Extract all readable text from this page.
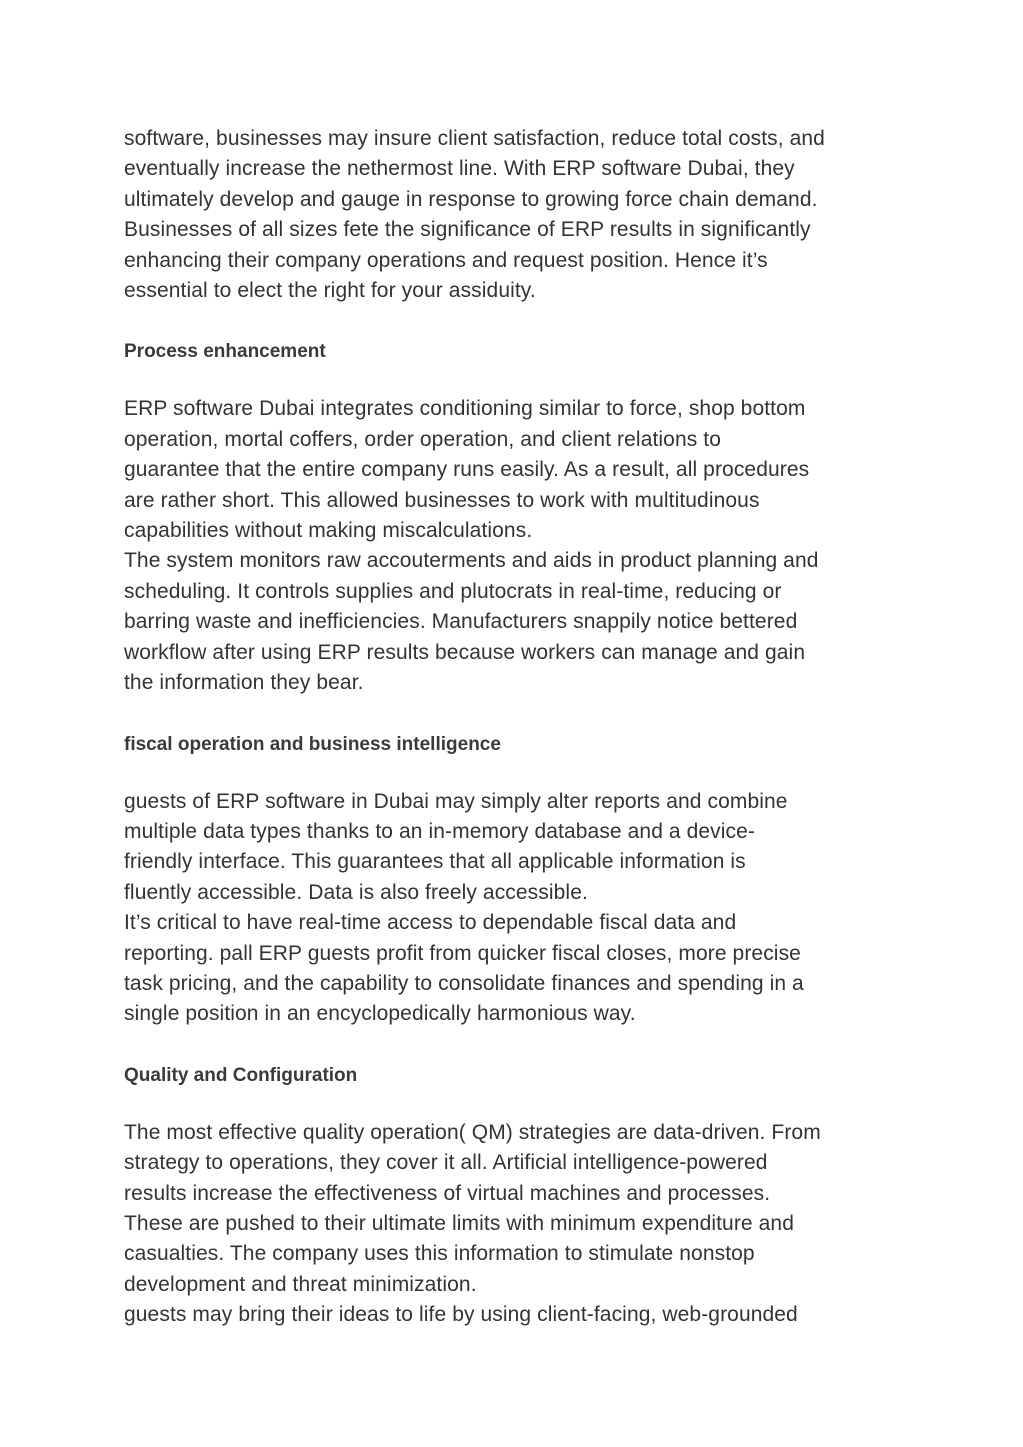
software, businesses may insure client satisfaction, reduce total costs, and
eventually increase the nethermost line. With ERP software Dubai, they
ultimately develop and gauge in response to growing force chain demand.
Businesses of all sizes fete the significance of ERP results in significantly
enhancing their company operations and request position. Hence it’s
essential to elect the right for your assiduity.

Process enhancement

ERP software Dubai integrates conditioning similar to force, shop bottom
operation, mortal coffers, order operation, and client relations to
guarantee that the entire company runs easily. As a result, all procedures
are rather short. This allowed businesses to work with multitudinous
capabilities without making miscalculations.
The system monitors raw accouterments and aids in product planning and
scheduling. It controls supplies and plutocrats in real-time, reducing or
barring waste and inefficiencies. Manufacturers snappily notice bettered
workflow after using ERP results because workers can manage and gain
the information they bear.

fiscal operation and business intelligence

guests of ERP software in Dubai may simply alter reports and combine
multiple data types thanks to an in-memory database and a device-
friendly interface. This guarantees that all applicable information is
fluently accessible. Data is also freely accessible.
It’s critical to have real-time access to dependable fiscal data and
reporting. pall ERP guests profit from quicker fiscal closes, more precise
task pricing, and the capability to consolidate finances and spending in a
single position in an encyclopedically harmonious way.

Quality and Configuration

The most effective quality operation( QM) strategies are data-driven. From
strategy to operations, they cover it all. Artificial intelligence-powered
results increase the effectiveness of virtual machines and processes.
These are pushed to their ultimate limits with minimum expenditure and
casualties. The company uses this information to stimulate nonstop
development and threat minimization.
guests may bring their ideas to life by using client-facing, web-grounded
